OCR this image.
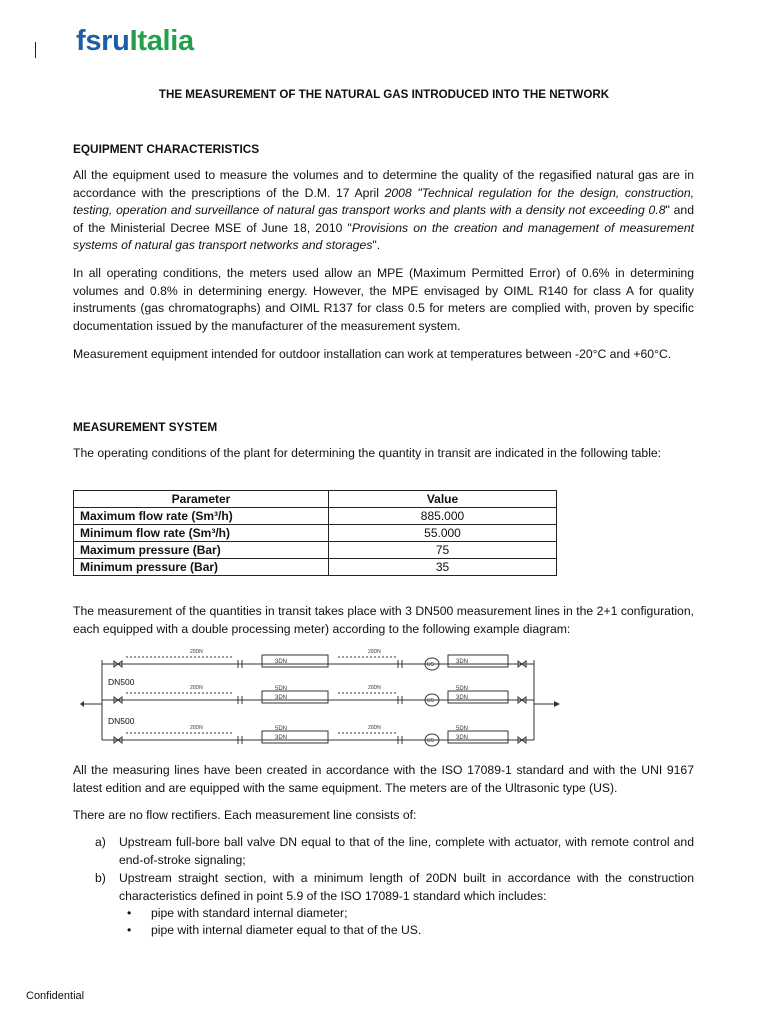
fsruItalia
THE MEASUREMENT OF THE NATURAL GAS INTRODUCED INTO THE NETWORK
EQUIPMENT CHARACTERISTICS

All the equipment used to measure the volumes and to determine the quality of the regasified natural gas are in accordance with the prescriptions of the D.M. 17 April 2008 "Technical regulation for the design, construction, testing, operation and surveillance of natural gas transport works and plants with a density not exceeding 0.8" and of the Ministerial Decree MSE of June 18, 2010 "Provisions on the creation and management of measurement systems of natural gas transport networks and storages".

In all operating conditions, the meters used allow an MPE (Maximum Permitted Error) of 0.6% in determining volumes and 0.8% in determining energy. However, the MPE envisaged by OIML R140 for class A for quality instruments (gas chromatographs) and OIML R137 for class 0.5 for meters are complied with, proven by specific documentation issued by the manufacturer of the measurement system.

Measurement equipment intended for outdoor installation can work at temperatures between -20°C and +60°C.

MEASUREMENT SYSTEM

The operating conditions of the plant for determining the quantity in transit are indicated in the following table:

Parameter	Value
Maximum flow rate (Sm³/h)	885.000
Minimum flow rate (Sm³/h)	55.000
Maximum pressure (Bar)	75
Minimum pressure (Bar)	35

The measurement of the quantities in transit takes place with 3 DN500 measurement lines in the 2+1 configuration, each equipped with a double processing meter) according to the following example diagram:

20DN	20DN
3DN	3DN
US
20DN	20DN
5DN
3DN
5DN
3DN
US
20DN	20DN
5DN
3DN
5DN
3DN
US
DN500
DN500

All the measuring lines have been created in accordance with the ISO 17089-1 standard and with the UNI 9167 latest edition and are equipped with the same equipment. The meters are of the Ultrasonic type (US).

There are no flow rectifiers. Each measurement line consists of:

a) Upstream full-bore ball valve DN equal to that of the line, complete with actuator, with remote control and end-of-stroke signaling;
b) Upstream straight section, with a minimum length of 20DN built in accordance with the construction characteristics defined in point 5.9 of the ISO 17089-1 standard which includes:
• pipe with standard internal diameter;
• pipe with internal diameter equal to that of the US.
Confidential
